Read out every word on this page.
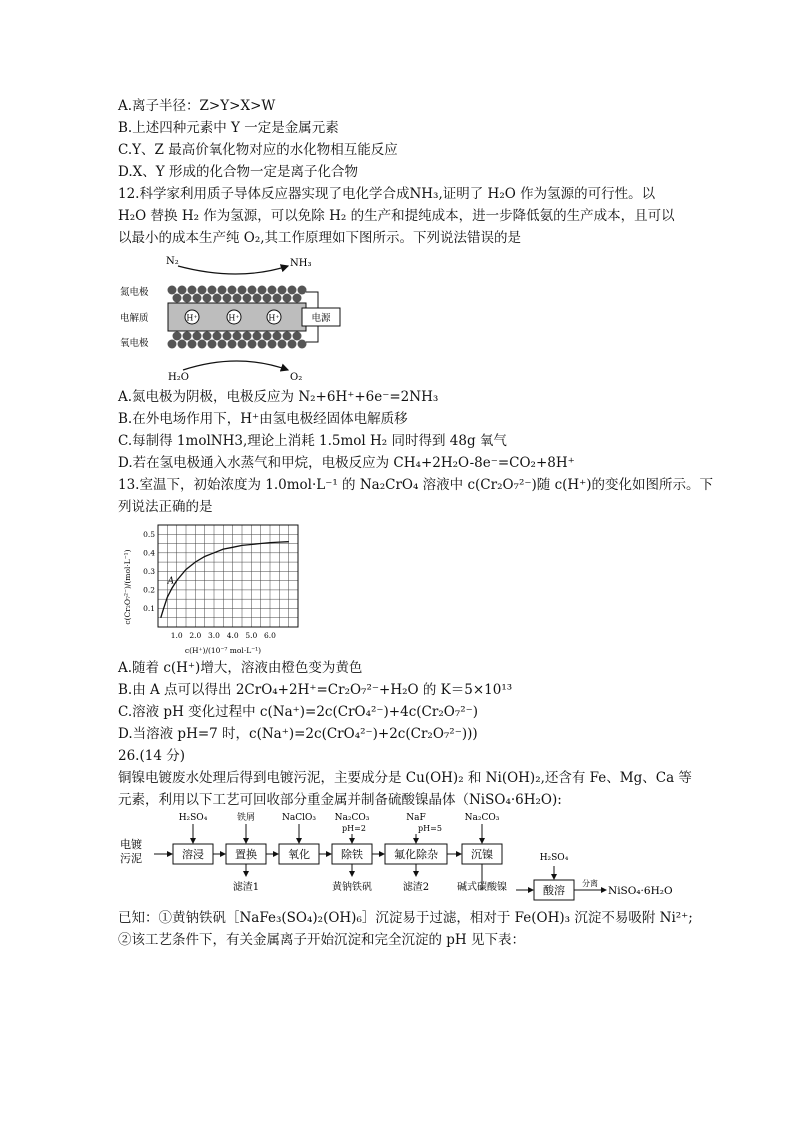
A.离子半径：Z>Y>X>W
B.上述四种元素中 Y 一定是金属元素
C.Y、Z 最高价氧化物对应的水化物相互能反应
D.X、Y 形成的化合物一定是离子化合物
12.科学家利用质子导体反应器实现了电化学合成NH₃,证明了 H₂O 作为氢源的可行性。以
H₂O 替换 H₂ 作为氢源，可以免除 H₂ 的生产和提纯成本，进一步降低氨的生产成本，且可以
以最小的成本生产纯 O₂,其工作原理如下图所示。下列说法错误的是
N₂	NH₃
H⁺	H⁺	H⁺
氮电极
电解质
氧电极
电源
H₂O	O₂
A.氮电极为阴极，电极反应为 N₂+6H⁺+6e⁻=2NH₃
B.在外电场作用下，H⁺由氢电极经固体电解质移
C.每制得 1molNH3,理论上消耗 1.5mol H₂ 同时得到 48g 氧气
D.若在氢电极通入水蒸气和甲烷，电极反应为 CH₄+2H₂O-8e⁻=CO₂+8H⁺
13.室温下，初始浓度为 1.0mol·L⁻¹ 的 Na₂CrO₄ 溶液中 c(Cr₂O₇²⁻)随 c(H⁺)的变化如图所示。下
列说法正确的是
1.0 2.0 3.0 4.0 5.0 6.0
0.1
0.2
0.3
0.4
0.5
A
c(Cr₂O₇²⁻)/(mol·L⁻¹)
c(H⁺)/(10⁻⁷ mol·L⁻¹)
A.随着 c(H⁺)增大，溶液由橙色变为黄色
B.由 A 点可以得出 2CrO₄+2H⁺=Cr₂O₇²⁻+H₂O 的 K＝5×10¹³
C.溶液 pH 变化过程中 c(Na⁺)=2c(CrO₄²⁻)+4c(Cr₂O₇²⁻)
D.当溶液 pH=7 时，c(Na⁺)=2c(CrO₄²⁻)+2c(Cr₂O₇²⁻)))
26.(14 分)
铜镍电镀废水处理后得到电镀污泥，主要成分是 Cu(OH)₂ 和 Ni(OH)₂,还含有 Fe、Mg、Ca 等
元素，利用以下工艺可回收部分重金属并制备硫酸镍晶体（NiSO₄·6H₂O):
电镀
污泥	溶浸	置换	氧化	除铁	氟化除杂	沉镍
酸溶
H₂SO₄	铁屑	NaClO₃ Na₂CO₃
pH=2
NaF
pH=5
Na₂CO₃
H₂SO₄
滤渣1	黄钠铁矾	滤渣2	碱式碳酸镍	分离
NiSO₄·6H₂O
已知：①黄钠铁矾［NaFe₃(SO₄)₂(OH)₆］沉淀易于过滤，相对于 Fe(OH)₃ 沉淀不易吸附 Ni²⁺;
②该工艺条件下，有关金属离子开始沉淀和完全沉淀的 pH 见下表：
